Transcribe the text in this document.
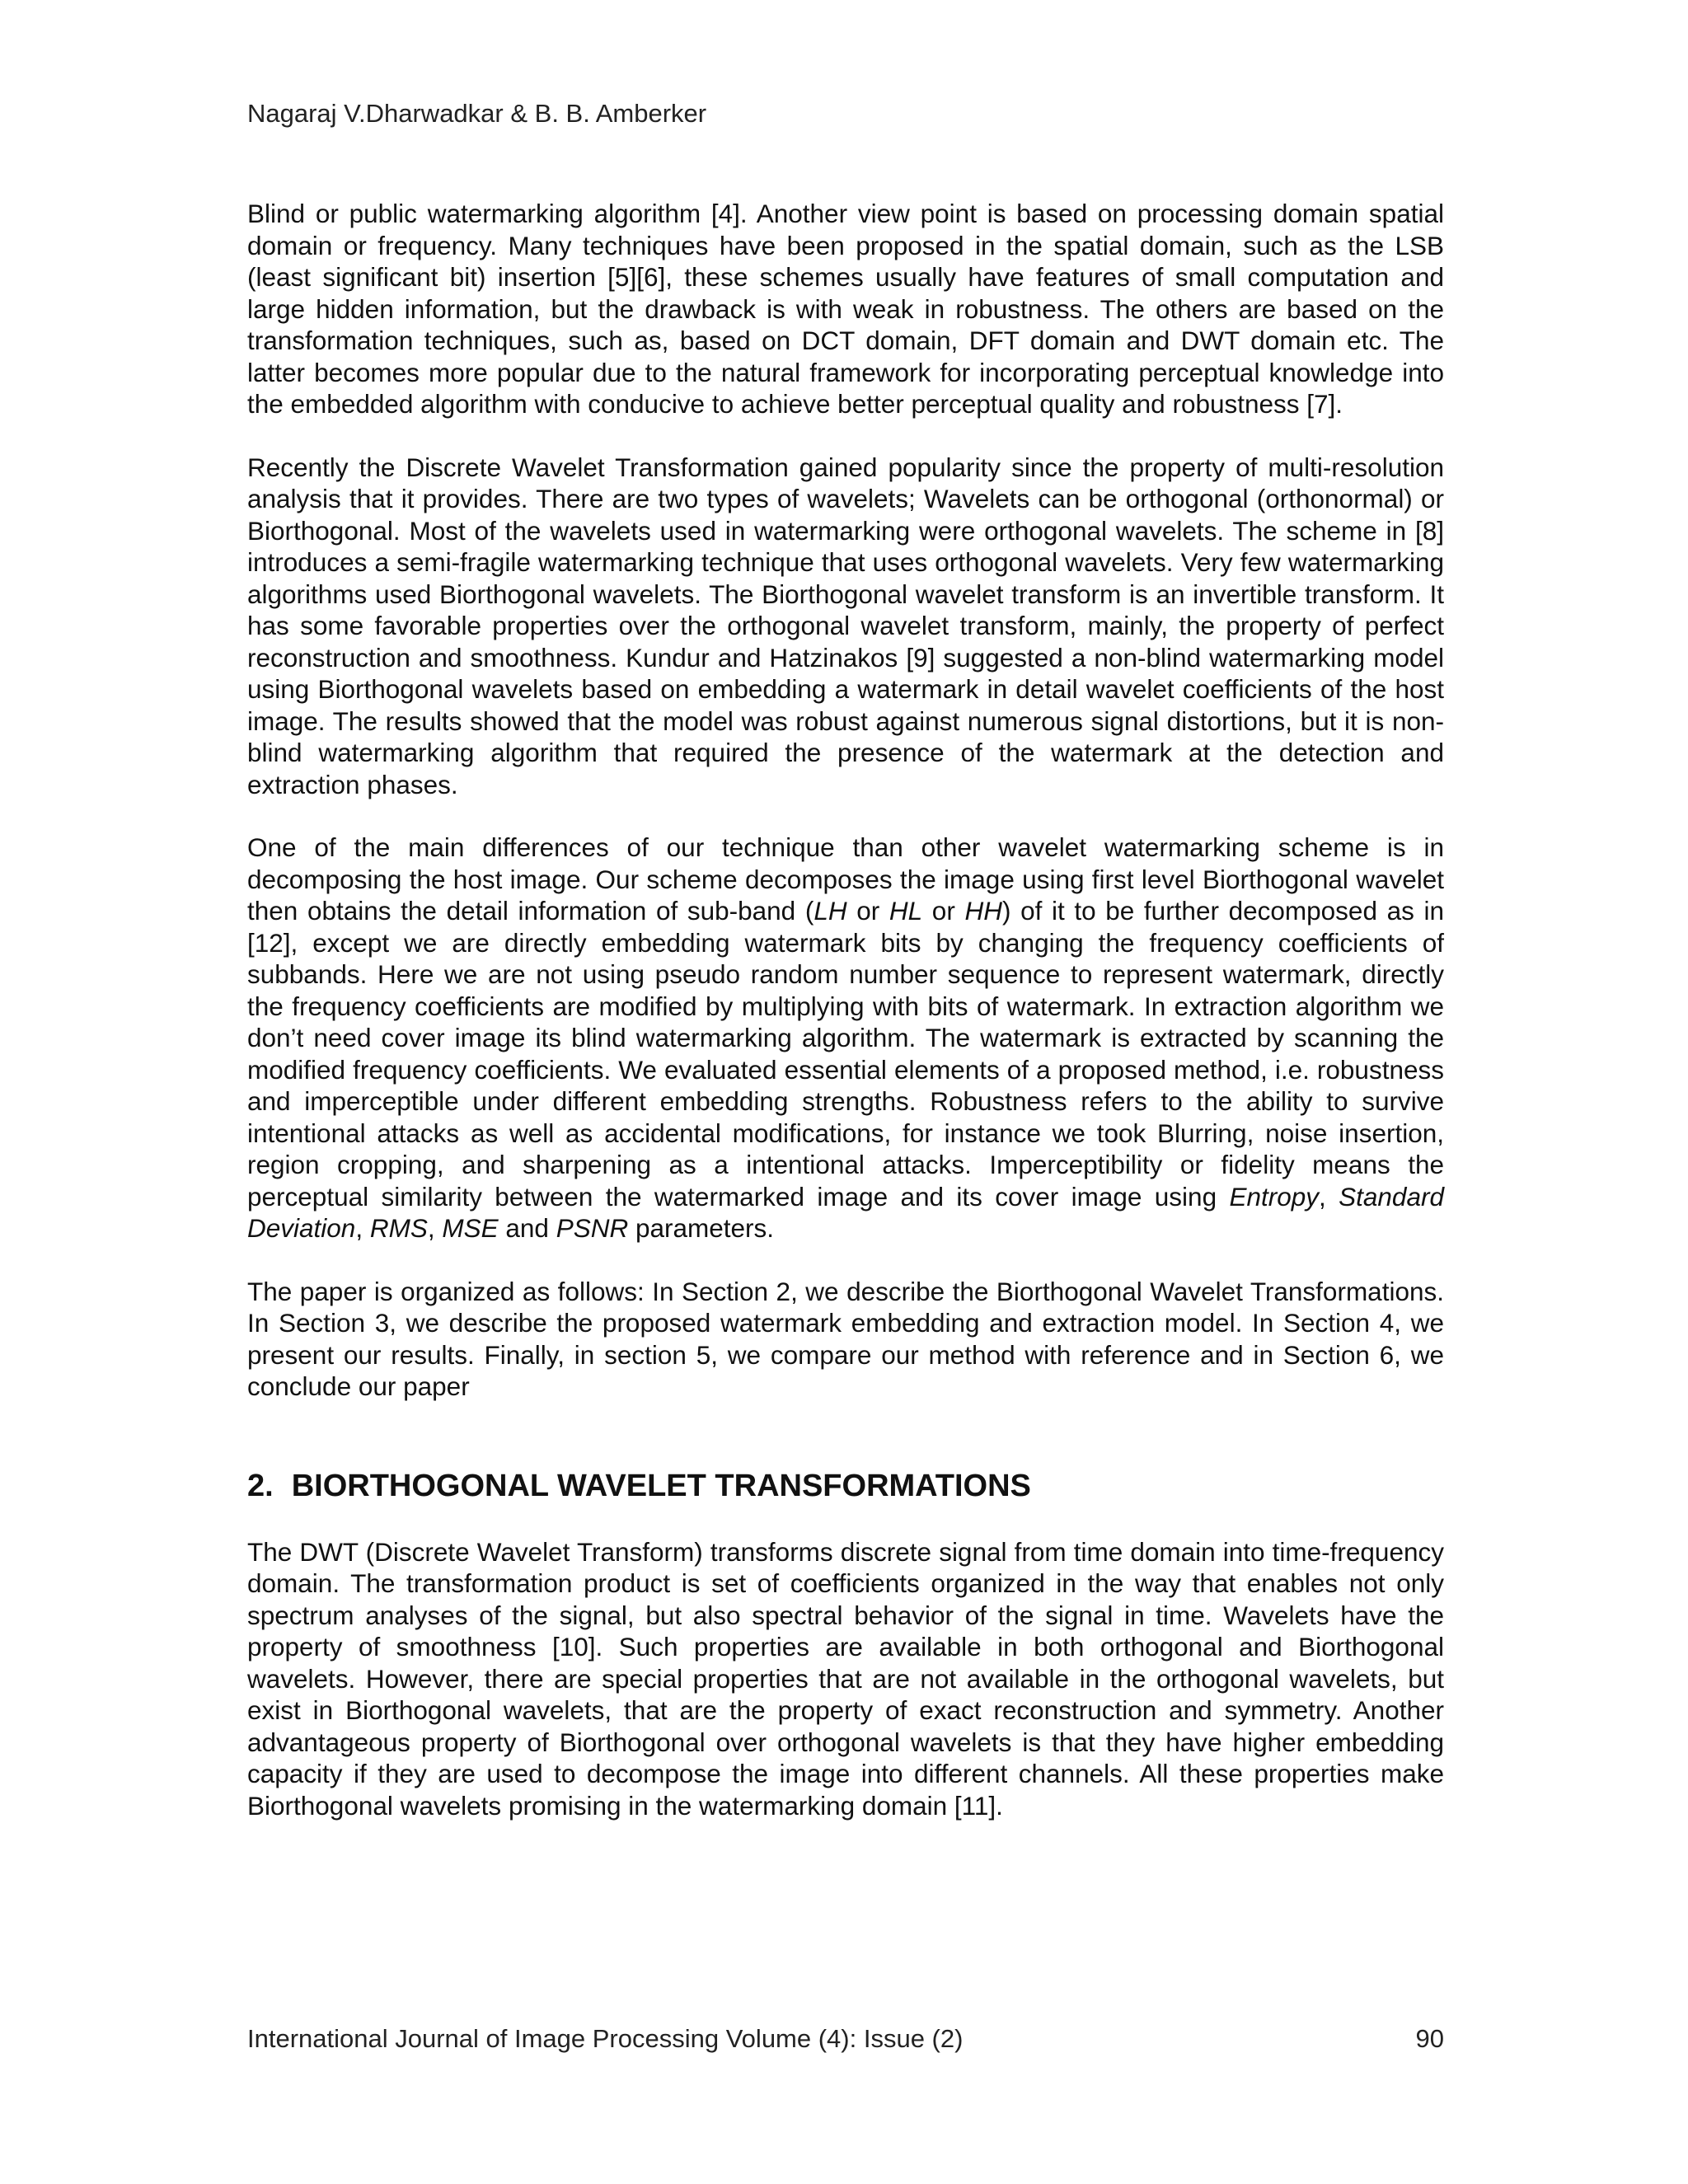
Nagaraj V.Dharwadkar & B. B. Amberker

Blind or public watermarking algorithm [4]. Another view point is based on processing domain spatial domain or frequency. Many techniques have been proposed in the spatial domain, such as the LSB (least significant bit) insertion [5][6], these schemes usually have features of small computation and large hidden information, but the drawback is with weak in robustness. The others are based on the transformation techniques, such as, based on DCT domain, DFT domain and DWT domain etc. The latter becomes more popular due to the natural framework for incorporating perceptual knowledge into the embedded algorithm with conducive to achieve better perceptual quality and robustness [7].

Recently the Discrete Wavelet Transformation gained popularity since the property of multi-resolution analysis that it provides. There are two types of wavelets; Wavelets can be orthogonal (orthonormal) or Biorthogonal. Most of the wavelets used in watermarking were orthogonal wavelets. The scheme in [8] introduces a semi-fragile watermarking technique that uses orthogonal wavelets. Very few watermarking algorithms used Biorthogonal wavelets. The Biorthogonal wavelet transform is an invertible transform. It has some favorable properties over the orthogonal wavelet transform, mainly, the property of perfect reconstruction and smoothness. Kundur and Hatzinakos [9] suggested a non-blind watermarking model using Biorthogonal wavelets based on embedding a watermark in detail wavelet coefficients of the host image. The results showed that the model was robust against numerous signal distortions, but it is non-blind watermarking algorithm that required the presence of the watermark at the detection and extraction phases.

One of the main differences of our technique than other wavelet watermarking scheme is in decomposing the host image. Our scheme decomposes the image using first level Biorthogonal wavelet then obtains the detail information of sub-band (LH or HL or HH) of it to be further decomposed as in [12], except we are directly embedding watermark bits by changing the frequency coefficients of subbands. Here we are not using pseudo random number sequence to represent watermark, directly the frequency coefficients are modified by multiplying with bits of watermark. In extraction algorithm we don’t need cover image its blind watermarking algorithm. The watermark is extracted by scanning the modified frequency coefficients. We evaluated essential elements of a proposed method, i.e. robustness and imperceptible under different embedding strengths. Robustness refers to the ability to survive intentional attacks as well as accidental modifications, for instance we took Blurring, noise insertion, region cropping, and sharpening as a intentional attacks. Imperceptibility or fidelity means the perceptual similarity between the watermarked image and its cover image using Entropy, Standard Deviation, RMS, MSE and PSNR parameters.

The paper is organized as follows: In Section 2, we describe the Biorthogonal Wavelet Transformations. In Section 3, we describe the proposed watermark embedding and extraction model. In Section 4, we present our results. Finally, in section 5, we compare our method with reference and in Section 6, we conclude our paper

2. BIORTHOGONAL WAVELET TRANSFORMATIONS

The DWT (Discrete Wavelet Transform) transforms discrete signal from time domain into time-frequency domain. The transformation product is set of coefficients organized in the way that enables not only spectrum analyses of the signal, but also spectral behavior of the signal in time. Wavelets have the property of smoothness [10]. Such properties are available in both orthogonal and Biorthogonal wavelets. However, there are special properties that are not available in the orthogonal wavelets, but exist in Biorthogonal wavelets, that are the property of exact reconstruction and symmetry. Another advantageous property of Biorthogonal over orthogonal wavelets is that they have higher embedding capacity if they are used to decompose the image into different channels. All these properties make Biorthogonal wavelets promising in the watermarking domain [11].

International Journal of Image Processing Volume (4): Issue (2)	90
